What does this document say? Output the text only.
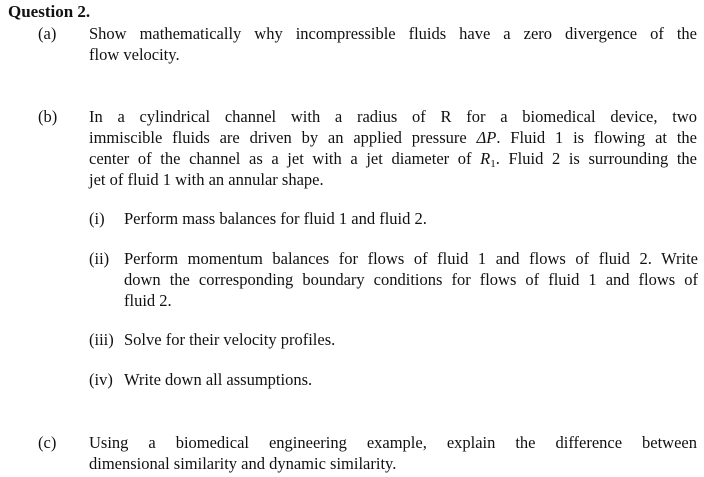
Question 2.
(a) Show mathematically why incompressible fluids have a zero divergence of the
flow velocity.
(b) In a cylindrical channel with a radius of R for a biomedical device, two
immiscible fluids are driven by an applied pressure ΔP. Fluid 1 is flowing at the
center of the channel as a jet with a jet diameter of $R_1$. Fluid 2 is surrounding the
jet of fluid 1 with an annular shape.
(i) Perform mass balances for fluid 1 and fluid 2.
(ii) Perform momentum balances for flows of fluid 1 and flows of fluid 2. Write
down the corresponding boundary conditions for flows of fluid 1 and flows of
fluid 2.
(iii) Solve for their velocity profiles.
(iv) Write down all assumptions.
(c) Using a biomedical engineering example, explain the difference between
dimensional similarity and dynamic similarity.
